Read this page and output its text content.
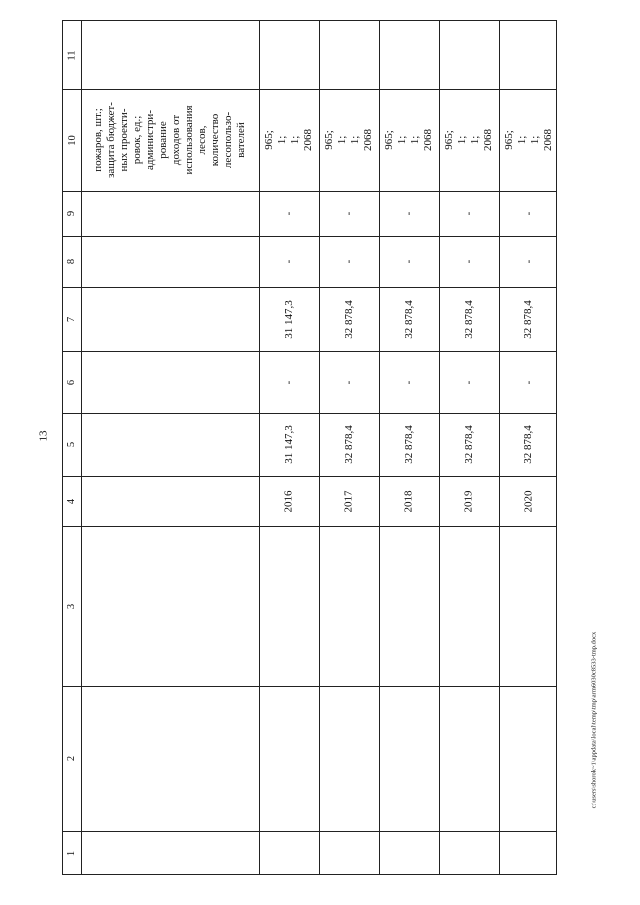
13
1
2
3
4
5
6
7
8
9
10
11
пожаров, шт.;
защита бюджет-
ных проекти-
ровок, ед.;
администри-
рование
доходов от
использования
лесов,
количество
лесопользо-
вателей
2016
31 147,3
-
31 147,3
-
-
965;
1;
1;
2068
2017
32 878,4
-
32 878,4
-
-
965;
1;
1;
2068
2018
32 878,4
-
32 878,4
-
-
965;
1;
1;
2068
2019
32 878,4
-
32 878,4
-
-
965;
1;
1;
2068
2020
32 878,4
-
32 878,4
-
-
965;
1;
1;
2068
c:\users\shorok~1\appdata\local\temp\tmp\arm6030c8533-tmp.docx
